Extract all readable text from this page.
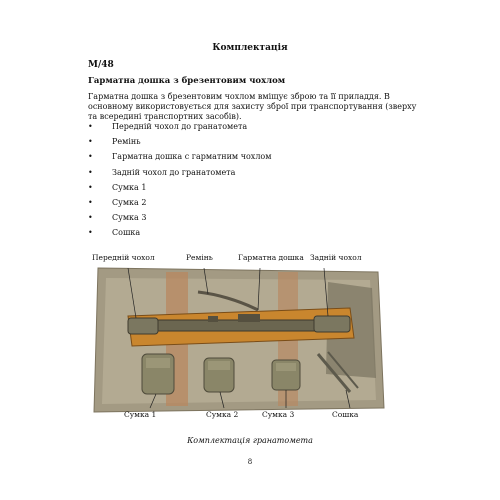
Комплектація
M/48
Гарматна дошка з брезентовим чохлом
Гарматна дошка з брезентовим чохлом вміщує зброю та її приладдя. В основному використовується для захисту зброї при транспортування (зверху та всередині транспортних засобів).
• Передній чохол до гранатомета
• Ремінь
• Гарматна дошка с гарматним чохлом
• Задній чохол до гранатомета
• Сумка 1
• Сумка 2
• Сумка 3
• Сошка
Передній чохол	Ремінь	Гарматна дошка Задній чохол
Сумка 1	Сумка 2	Сумка 3	Сошка
Комплектація гранатомета
8
